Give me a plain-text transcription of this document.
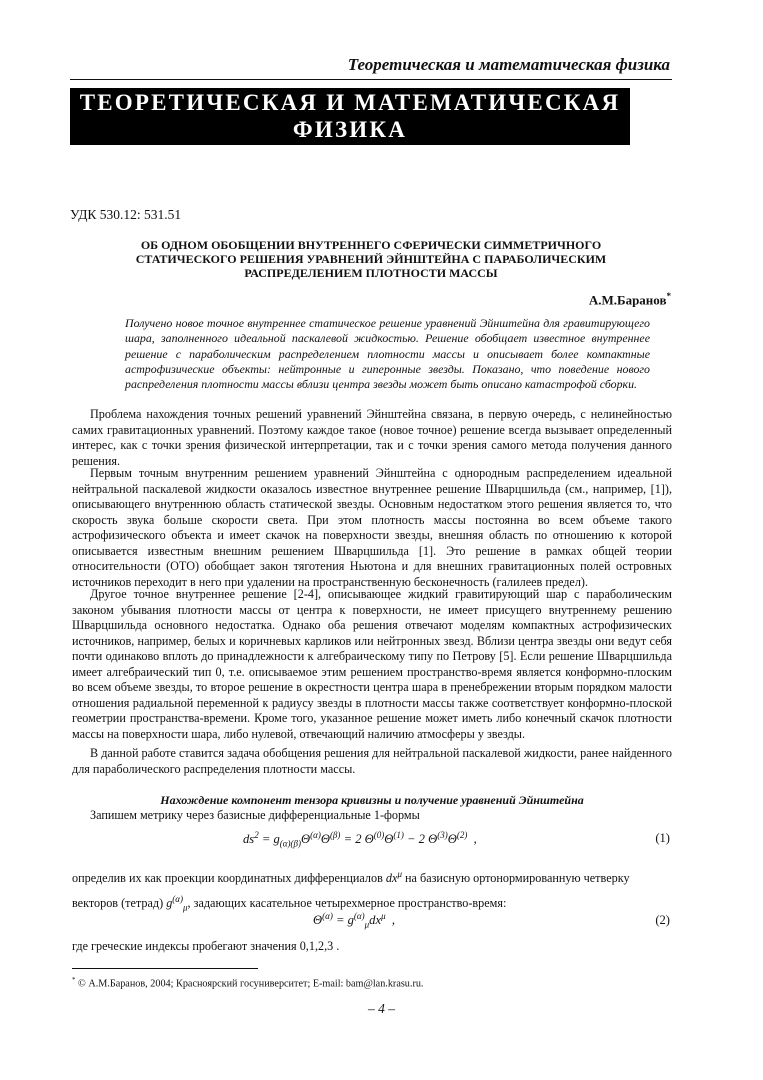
Теоретическая и математическая физика
ТЕОРЕТИЧЕСКАЯ И МАТЕМАТИЧЕСКАЯ
ФИЗИКА
УДК 530.12: 531.51
ОБ ОДНОМ ОБОБЩЕНИИ ВНУТРЕННЕГО СФЕРИЧЕСКИ СИММЕТРИЧНОГО
СТАТИЧЕСКОГО РЕШЕНИЯ УРАВНЕНИЙ ЭЙНШТЕЙНА С ПАРАБОЛИЧЕСКИМ
РАСПРЕДЕЛЕНИЕМ ПЛОТНОСТИ МАССЫ
А.М.Баранов*
Получено новое точное внутреннее статическое решение уравнений Эйнштейна для гравитирующего шара, заполненного идеальной паскалевой жидкостью. Решение обобщает известное внутреннее решение с параболическим распределением плотности массы и описывает более компактные астрофизические объекты: нейтронные и гиперонные звезды. Показано, что поведение нового распределения плотности массы вблизи центра звезды может быть описано катастрофой сборки.
Проблема нахождения точных решений уравнений Эйнштейна связана, в первую очередь, с нелинейностью самих гравитационных уравнений. Поэтому каждое такое (новое точное) решение всегда вызывает определенный интерес, как с точки зрения физической интерпретации, так и с точки зрения самого метода получения данного решения.
Первым точным внутренним решением уравнений Эйнштейна с однородным распределением идеальной нейтральной паскалевой жидкости оказалось известное внутреннее решение Шварцшильда (см., например, [1]), описывающего внутреннюю область статической звезды. Основным недостатком этого решения является то, что скорость звука больше скорости света. При этом плотность массы постоянна во всем объеме такого астрофизического объекта и имеет скачок на поверхности звезды, внешняя область по отношению к которой описывается известным внешним решением Шварцшильда [1]. Это решение в рамках общей теории относительности (ОТО) обобщает закон тяготения Ньютона и для внешних гравитационных полей островных источников переходит в него при удалении на пространственную бесконечность (галилеев предел).
Другое точное внутреннее решение [2-4], описывающее жидкий гравитирующий шар с параболическим законом убывания плотности массы от центра к поверхности, не имеет присущего внутреннему решению Шварцшильда основного недостатка. Однако оба решения отвечают моделям компактных астрофизических источников, например, белых и коричневых карликов или нейтронных звезд. Вблизи центра звезды они ведут себя почти одинаково вплоть до принадлежности к алгебраическому типу по Петрову [5]. Если решение Шварцшильда имеет алгебраический тип 0, т.е. описываемое этим решением пространство-время является конформно-плоским во всем объеме звезды, то второе решение в окрестности центра шара в пренебрежении вторым порядком малости отношения радиальной переменной к радиусу звезды в плотности массы также соответствует конформно-плоской геометрии пространства-времени. Кроме того, указанное решение может иметь либо конечный скачок плотности массы на поверхности шара, либо нулевой, отвечающий наличию атмосферы у звезды.
В данной работе ставится задача обобщения решения для нейтральной паскалевой жидкости, ранее найденного для параболического распределения плотности массы.
Нахождение компонент тензора кривизны и получение уравнений Эйнштейна
Запишем метрику через базисные дифференциальные 1-формы
$ds^2 = g_{(\alpha)(\beta)}\Theta^{(\alpha)}\Theta^{(\beta)} = 2$ $\Theta^{(0)}\Theta^{(1)} - 2$ $\Theta^{(3)}\Theta^{(2)}$  ,	(1)
определив их как проекции координатных дифференциалов $dx^\mu$ на базисную ортонормированную четверку векторов (тетрад) $g^{(\alpha)}_\mu$, задающих касательное четырехмерное пространство-время:
$\Theta^{(\alpha)} = g^{(\alpha)}_\mu dx^\mu$  ,	(2)
где греческие индексы пробегают значения 0,1,2,3 .
* © А.М.Баранов, 2004; Красноярский госуниверситет; E-mail: bam@lan.krasu.ru.
– 4 –
